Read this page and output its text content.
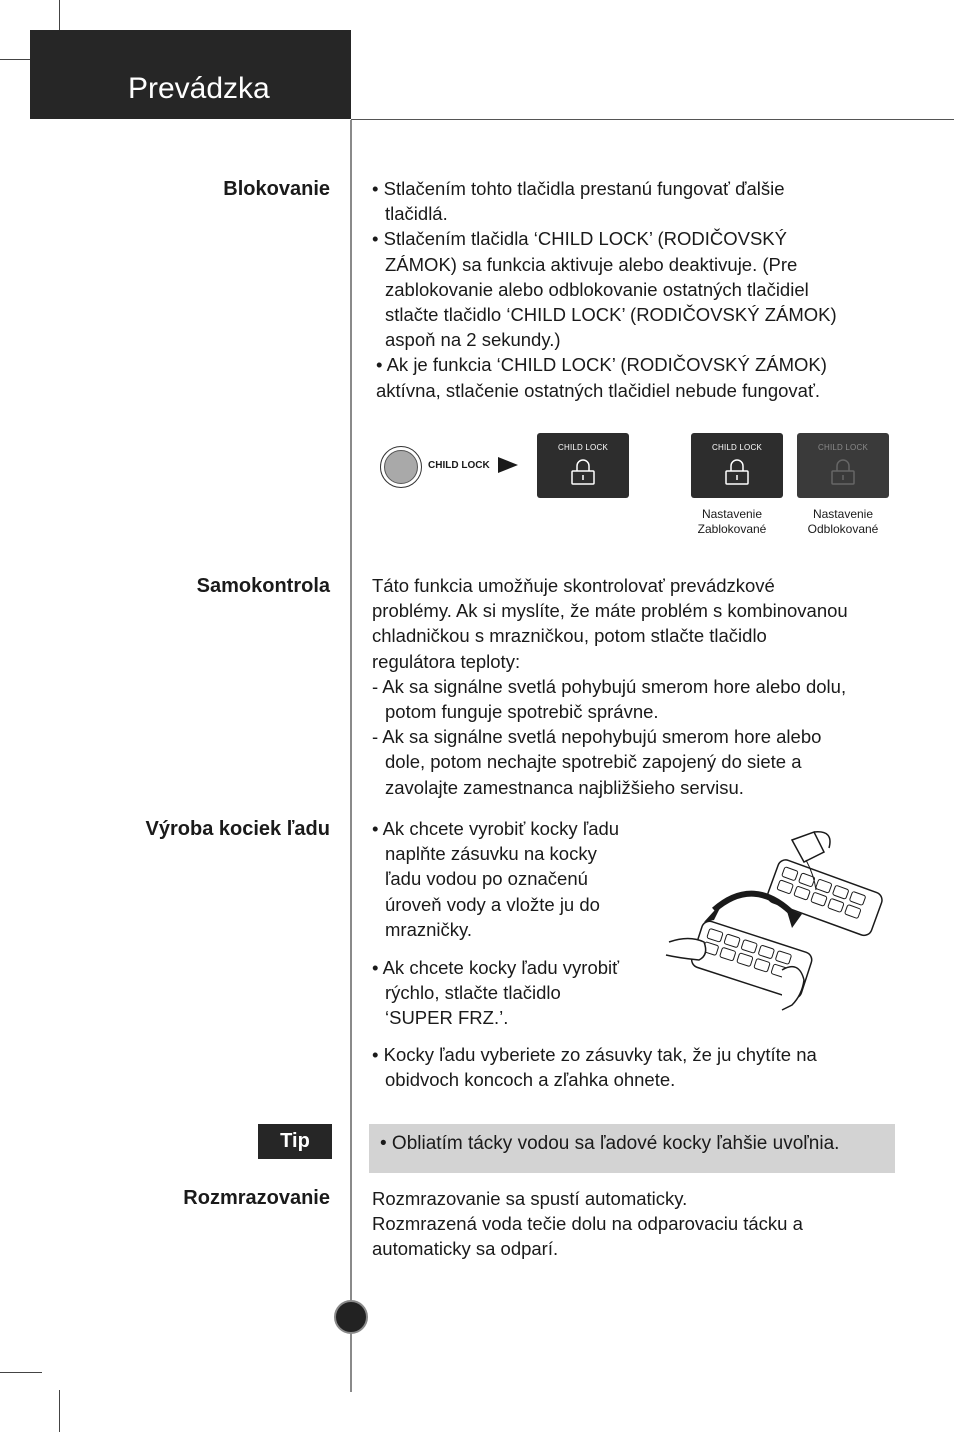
Prevádzka
Blokovanie • Stlačením tohto tlačidla prestanú fungovať ďalšie

tlačidlá.

• Stlačením tlačidla ‘CHILD LOCK’ (RODIČOVSKÝ

ZÁMOK) sa funkcia aktivuje alebo deaktivuje. (Pre

zablokovanie alebo odblokovanie ostatných tlačidiel

stlačte tlačidlo ‘CHILD LOCK’ (RODIČOVSKÝ ZÁMOK)

aspoň na 2 sekundy.)

• Ak je funkcia ‘CHILD LOCK’ (RODIČOVSKÝ ZÁMOK)

aktívna, stlačenie ostatných tlačidiel nebude fungovať.

CHILD LOCK
CHILD LOCK	CHILD LOCK	CHILD LOCK
Nastavenie
Zablokované
Nastavenie
Odblokované
Samokontrola Táto funkcia umožňuje skontrolovať prevádzkové

problémy. Ak si myslíte, že máte problém s kombinovanou

chladničkou s mrazničkou, potom stlačte tlačidlo

regulátora teploty:

- Ak sa signálne svetlá pohybujú smerom hore alebo dolu,

potom funguje spotrebič správne.

- Ak sa signálne svetlá nepohybujú smerom hore alebo

dole, potom nechajte spotrebič zapojený do siete a

zavolajte zamestnanca najbližšieho servisu.

Výroba kociek ľadu • Ak chcete vyrobiť kocky ľadu

naplňte zásuvku na kocky

ľadu vodou po označenú

úroveň vody a vložte ju do

mrazničky.

• Ak chcete kocky ľadu vyrobiť

rýchlo, stlačte tlačidlo

‘SUPER FRZ.’.

• Kocky ľadu vyberiete zo zásuvky tak, že ju chytíte na

obidvoch koncoch a zľahka ohnete.

Tip	• Obliatím tácky vodou sa ľadové kocky ľahšie uvoľnia.
Rozmrazovanie Rozmrazovanie sa spustí automaticky.

Rozmrazená voda tečie dolu na odparovaciu tácku a

automaticky sa odparí.
